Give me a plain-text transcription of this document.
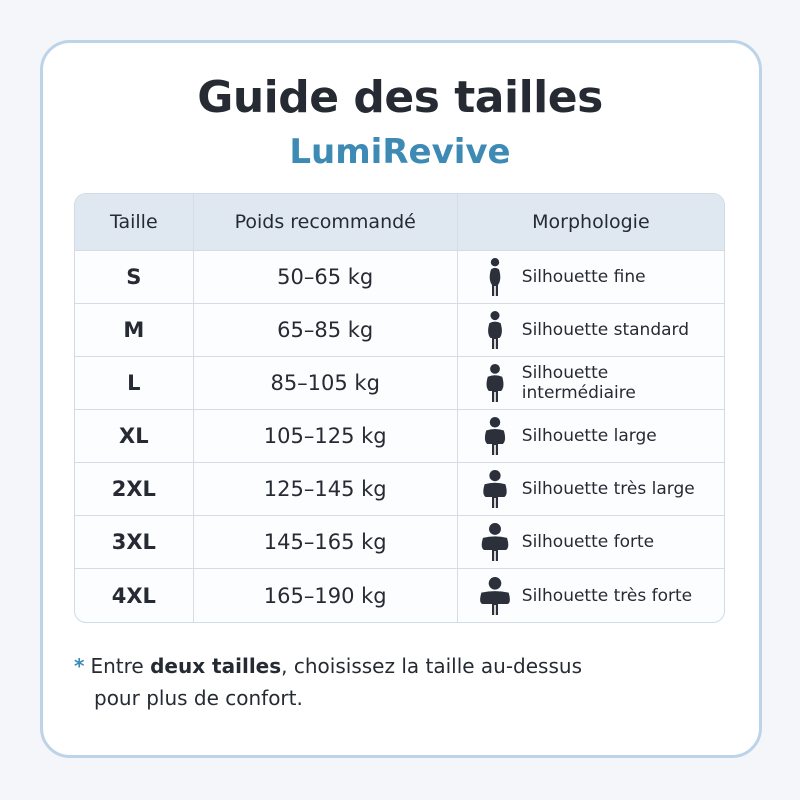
Guide des tailles
LumiRevive
Taille	Poids recommandé	Morphologie
S	50–65 kg	Silhouette fine
M	65–85 kg	Silhouette standard
L	85–105 kg	Silhouette intermédiaire
XL	105–125 kg	Silhouette large
2XL	125–145 kg	Silhouette très large
3XL	145–165 kg	Silhouette forte
4XL	165–190 kg	Silhouette très forte
* Entre deux tailles, choisissez la taille au-dessus
pour plus de confort.
